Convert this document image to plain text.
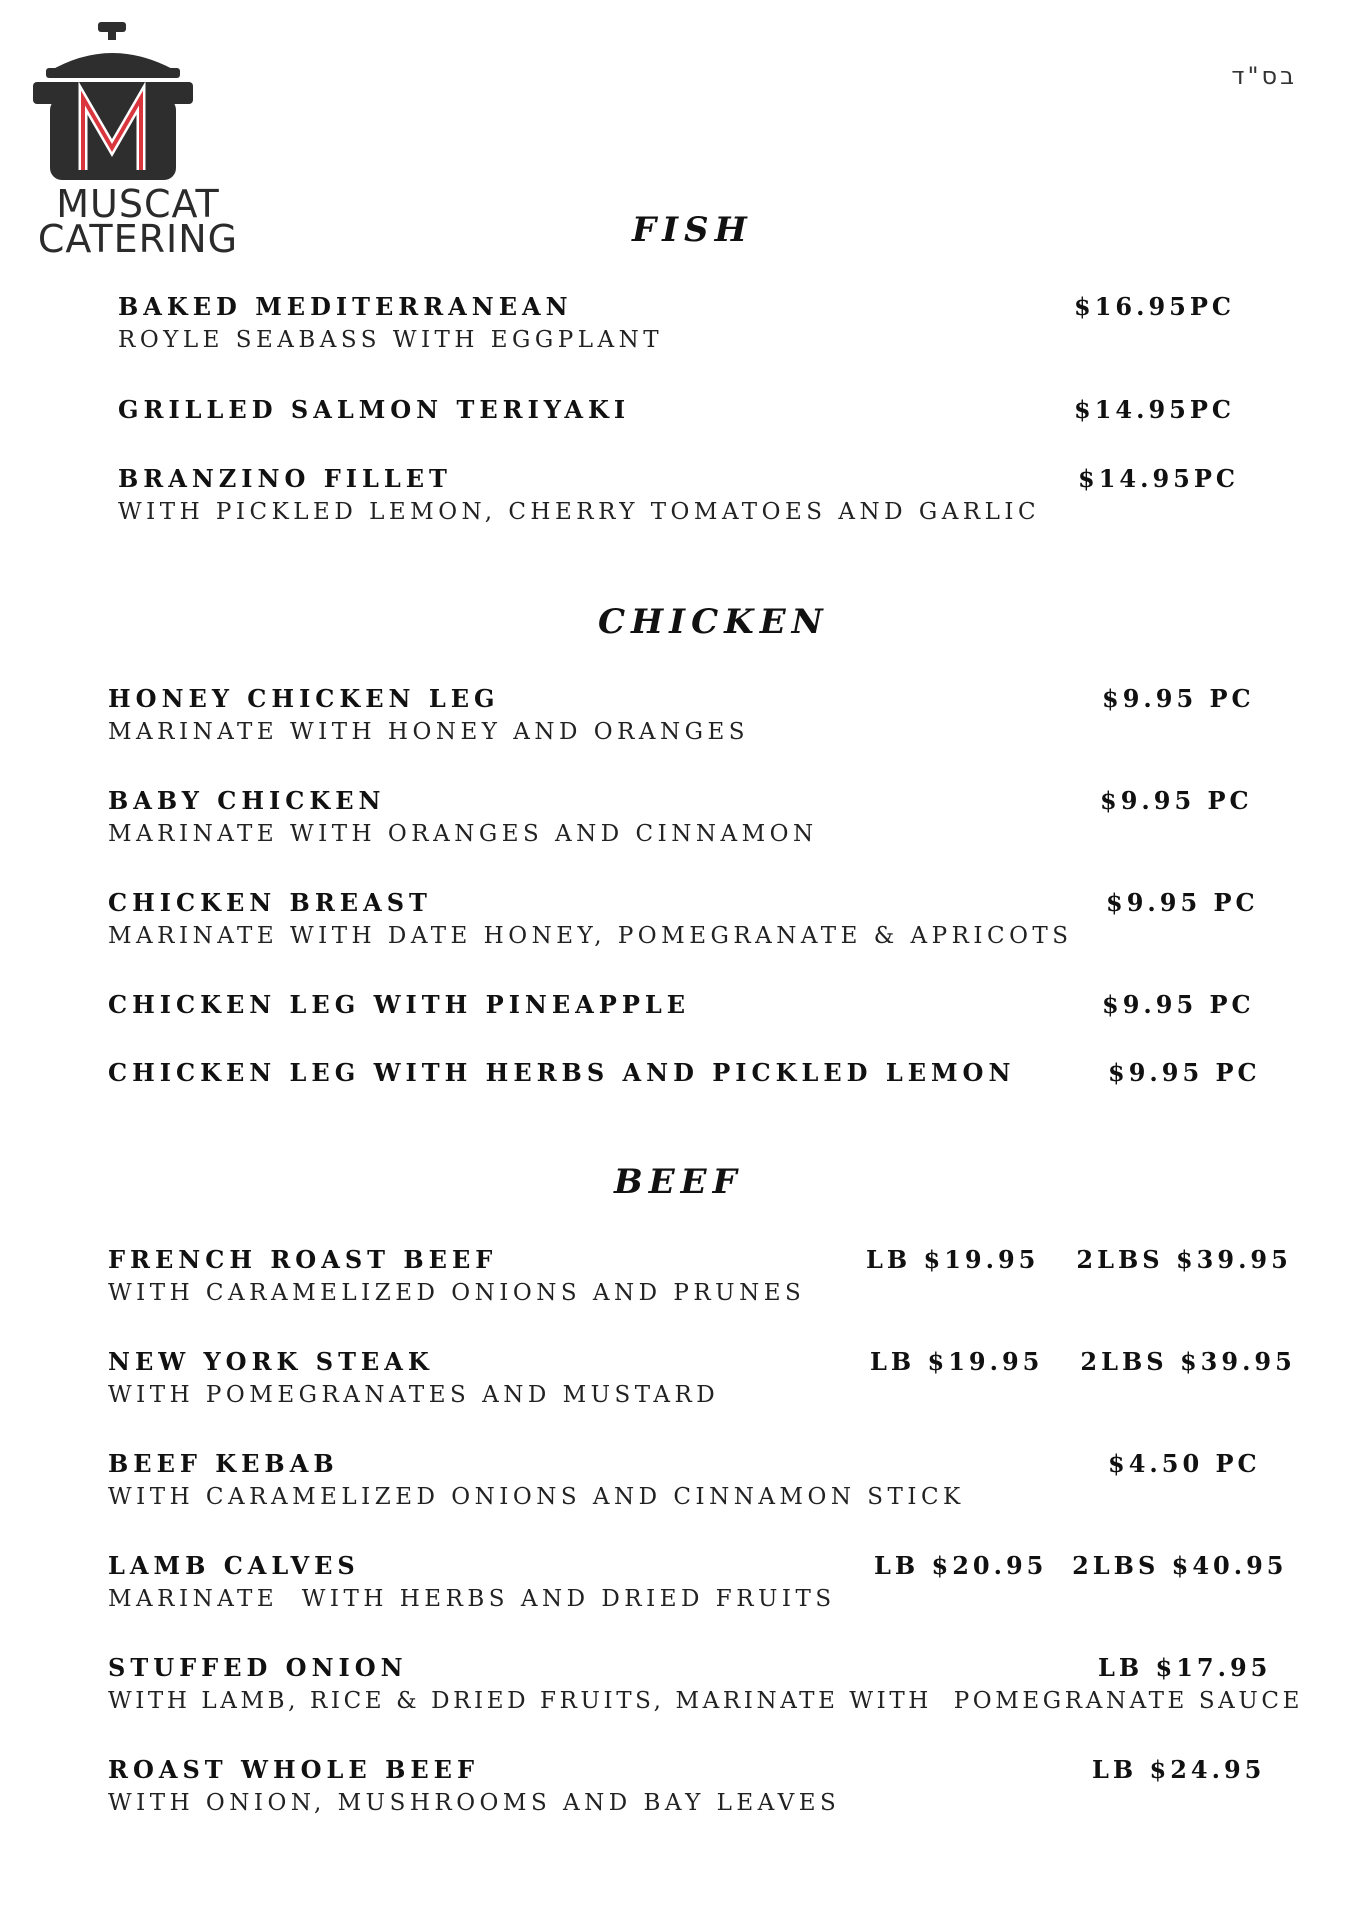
MUSCAT
CATERING
בס"ד
FISH
BAKED MEDITERRANEAN	$16.95PC
ROYLE SEABASS WITH EGGPLANT
GRILLED SALMON TERIYAKI	$14.95PC
BRANZINO FILLET	$14.95PC
WITH PICKLED LEMON, CHERRY TOMATOES AND GARLIC
CHICKEN
HONEY CHICKEN LEG	$9.95 PC
MARINATE WITH HONEY AND ORANGES
BABY CHICKEN	$9.95 PC
MARINATE WITH ORANGES AND CINNAMON
CHICKEN BREAST	$9.95 PC
MARINATE WITH DATE HONEY, POMEGRANATE & APRICOTS
CHICKEN LEG WITH PINEAPPLE	$9.95 PC
CHICKEN LEG WITH HERBS AND PICKLED LEMON	$9.95 PC
BEEF
FRENCH ROAST BEEF	LB $19.95   2LBS $39.95
WITH CARAMELIZED ONIONS AND PRUNES
NEW YORK STEAK	LB $19.95   2LBS $39.95
WITH POMEGRANATES AND MUSTARD
BEEF KEBAB	$4.50 PC
WITH CARAMELIZED ONIONS AND CINNAMON STICK
LAMB CALVES	LB $20.95  2LBS $40.95
MARINATE  WITH HERBS AND DRIED FRUITS
STUFFED ONION	LB $17.95
WITH LAMB, RICE & DRIED FRUITS, MARINATE WITH  POMEGRANATE SAUCE
ROAST WHOLE BEEF	LB $24.95
WITH ONION, MUSHROOMS AND BAY LEAVES
